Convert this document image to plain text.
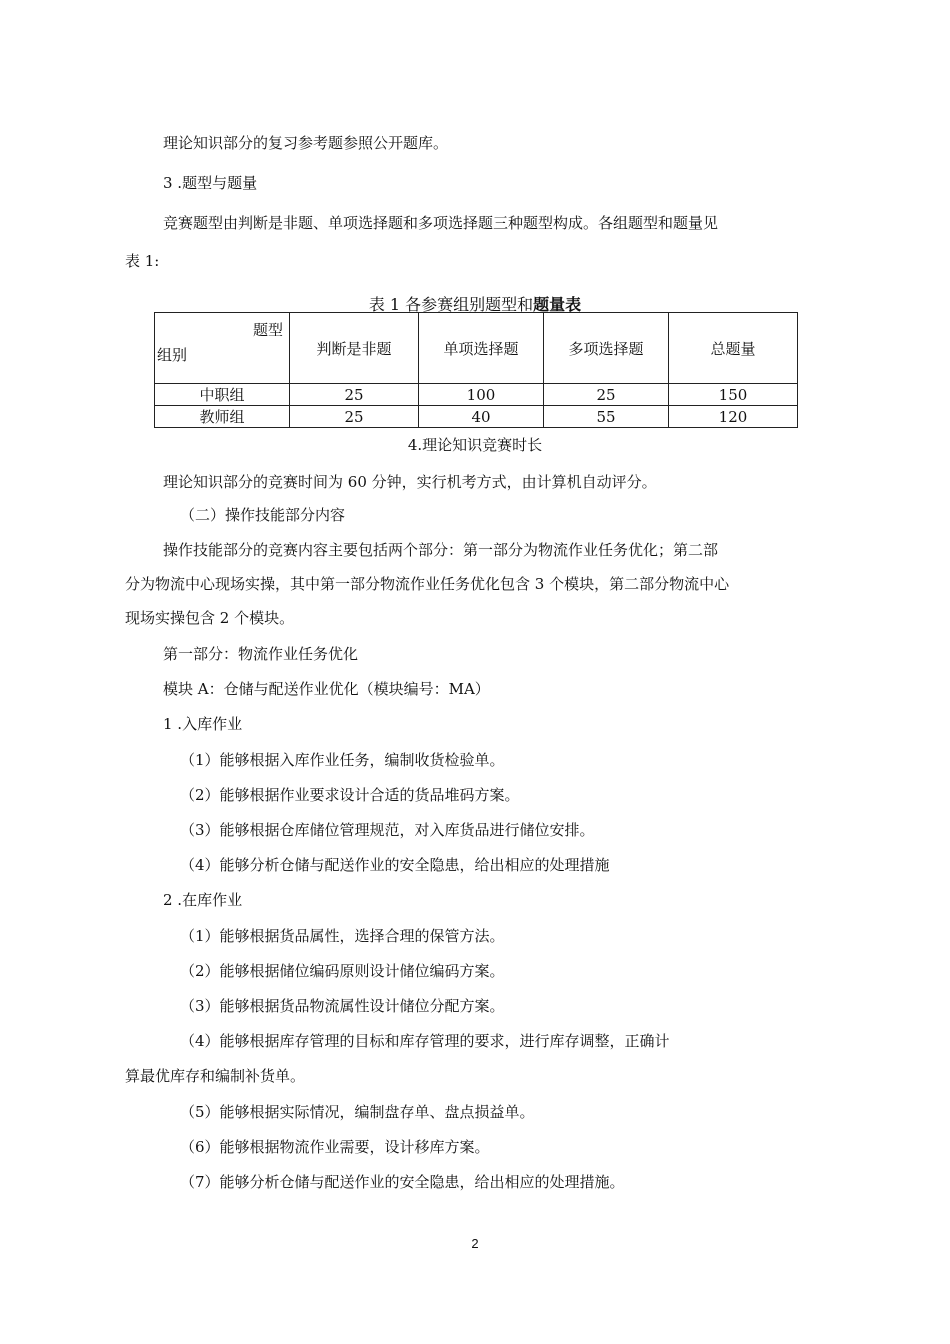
理论知识部分的复习参考题参照公开题库。
3 .题型与题量
竞赛题型由判断是非题、单项选择题和多项选择题三种题型构成。各组题型和题量见
表 1:
表 1 各参赛组别题型和题量表
题型
组别	判断是非题	单项选择题	多项选择题	总题量
中职组	25	100	25	150
教师组	25	40	55	120
4.理论知识竞赛时长
理论知识部分的竞赛时间为 60 分钟，实行机考方式，由计算机自动评分。
（二）操作技能部分内容
操作技能部分的竞赛内容主要包括两个部分：第一部分为物流作业任务优化；第二部
分为物流中心现场实操，其中第一部分物流作业任务优化包含 3 个模块，第二部分物流中心
现场实操包含 2 个模块。
第一部分：物流作业任务优化
模块 A：仓储与配送作业优化（模块编号：MA）
1 .入库作业
（1）能够根据入库作业任务，编制收货检验单。
（2）能够根据作业要求设计合适的货品堆码方案。
（3）能够根据仓库储位管理规范，对入库货品进行储位安排。
（4）能够分析仓储与配送作业的安全隐患，给出相应的处理措施
2 .在库作业
（1）能够根据货品属性，选择合理的保管方法。
（2）能够根据储位编码原则设计储位编码方案。
（3）能够根据货品物流属性设计储位分配方案。
（4）能够根据库存管理的目标和库存管理的要求，进行库存调整，正确计
算最优库存和编制补货单。
（5）能够根据实际情况，编制盘存单、盘点损益单。
（6）能够根据物流作业需要，设计移库方案。
（7）能够分析仓储与配送作业的安全隐患，给出相应的处理措施。
2
